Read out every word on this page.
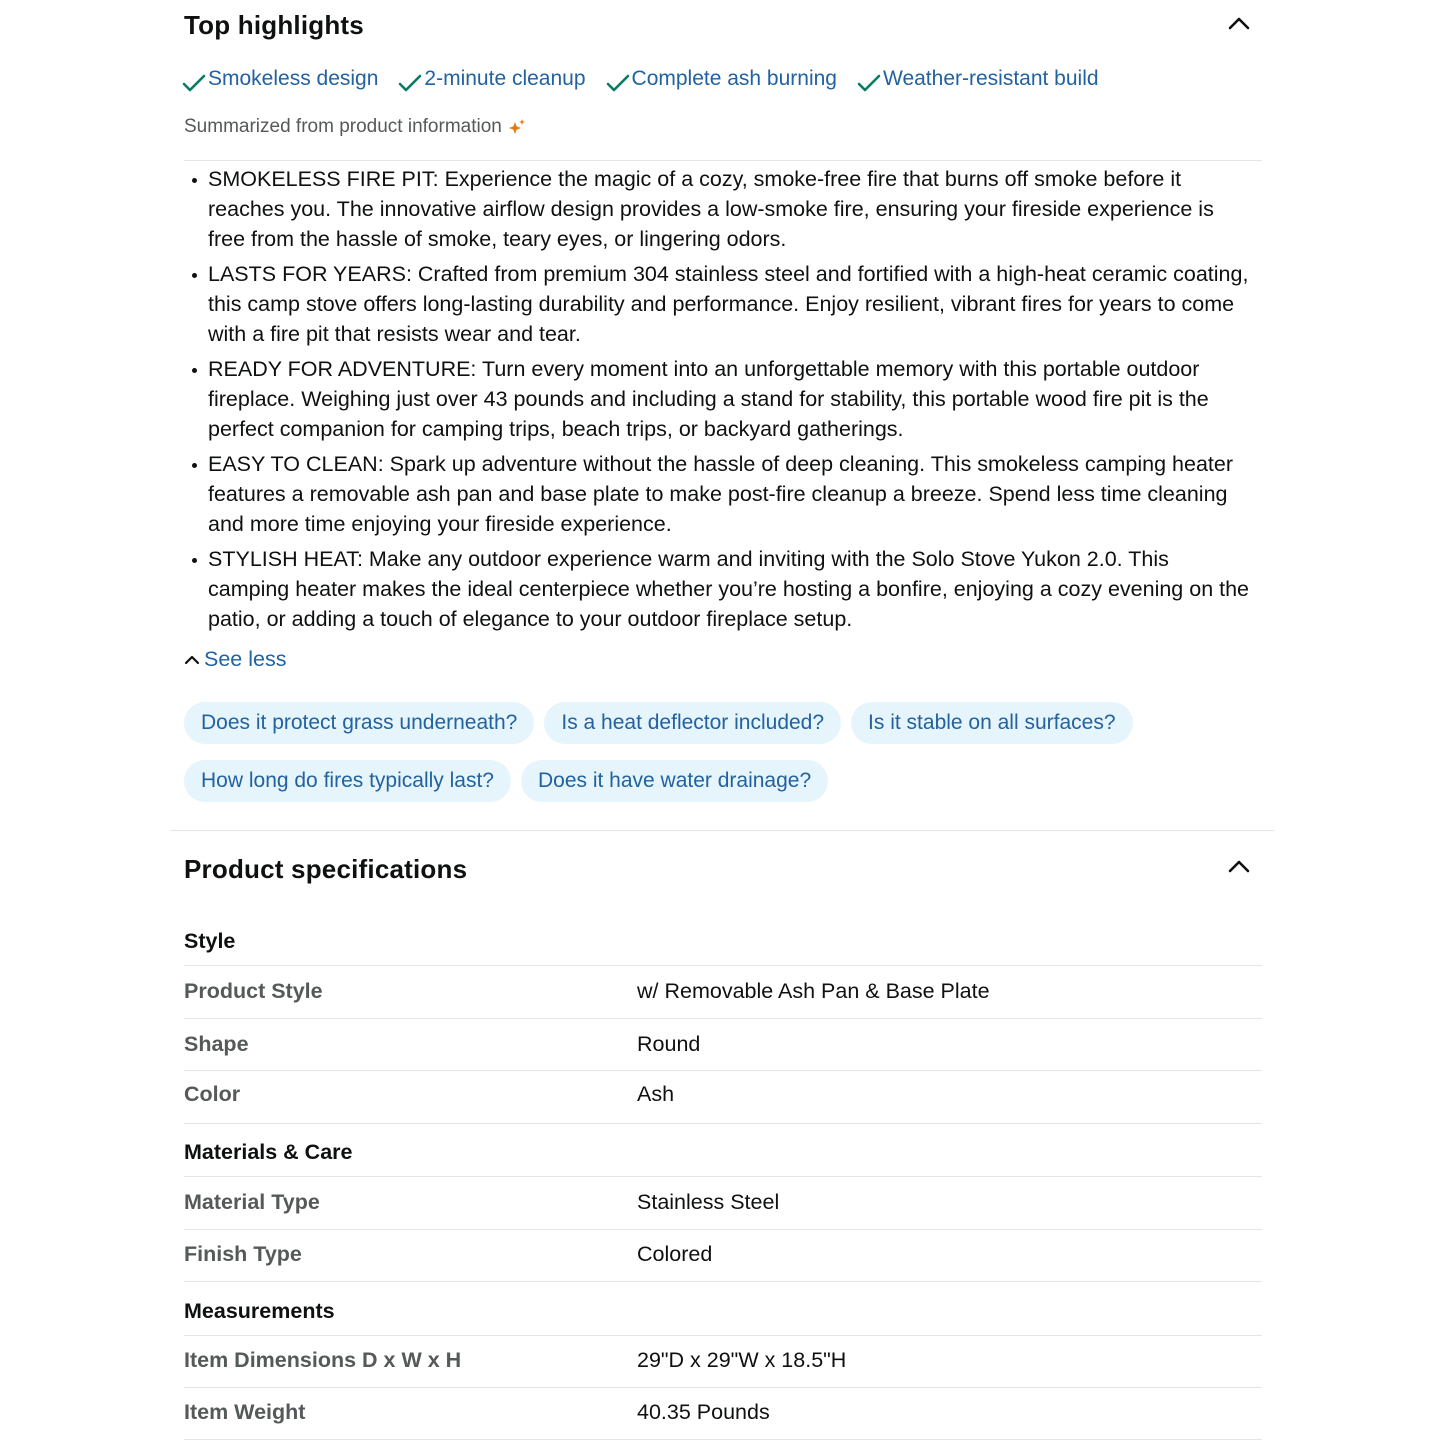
Top highlights
Smokeless design 2-minute cleanup Complete ash burning Weather-resistant build
Summarized from product information
SMOKELESS FIRE PIT: Experience the magic of a cozy, smoke-free fire that burns off smoke before it reaches you. The innovative airflow design provides a low-smoke fire, ensuring your fireside experience is free from the hassle of smoke, teary eyes, or lingering odors.
LASTS FOR YEARS: Crafted from premium 304 stainless steel and fortified with a high-heat ceramic coating, this camp stove offers long-lasting durability and performance. Enjoy resilient, vibrant fires for years to come with a fire pit that resists wear and tear.
READY FOR ADVENTURE: Turn every moment into an unforgettable memory with this portable outdoor fireplace. Weighing just over 43 pounds and including a stand for stability, this portable wood fire pit is the perfect companion for camping trips, beach trips, or backyard gatherings.
EASY TO CLEAN: Spark up adventure without the hassle of deep cleaning. This smokeless camping heater features a removable ash pan and base plate to make post-fire cleanup a breeze. Spend less time cleaning and more time enjoying your fireside experience.
STYLISH HEAT: Make any outdoor experience warm and inviting with the Solo Stove Yukon 2.0. This camping heater makes the ideal centerpiece whether you’re hosting a bonfire, enjoying a cozy evening on the patio, or adding a touch of elegance to your outdoor fireplace setup.
See less
Does it protect grass underneath?	Is a heat deflector included?	Is it stable on all surfaces?
How long do fires typically last?	Does it have water drainage?
Product specifications
Style
Product Style	w/ Removable Ash Pan & Base Plate
Shape	Round
Color	Ash
Materials & Care
Material Type	Stainless Steel
Finish Type	Colored
Measurements
Item Dimensions D x W x H	29"D x 29"W x 18.5"H
Item Weight	40.35 Pounds
